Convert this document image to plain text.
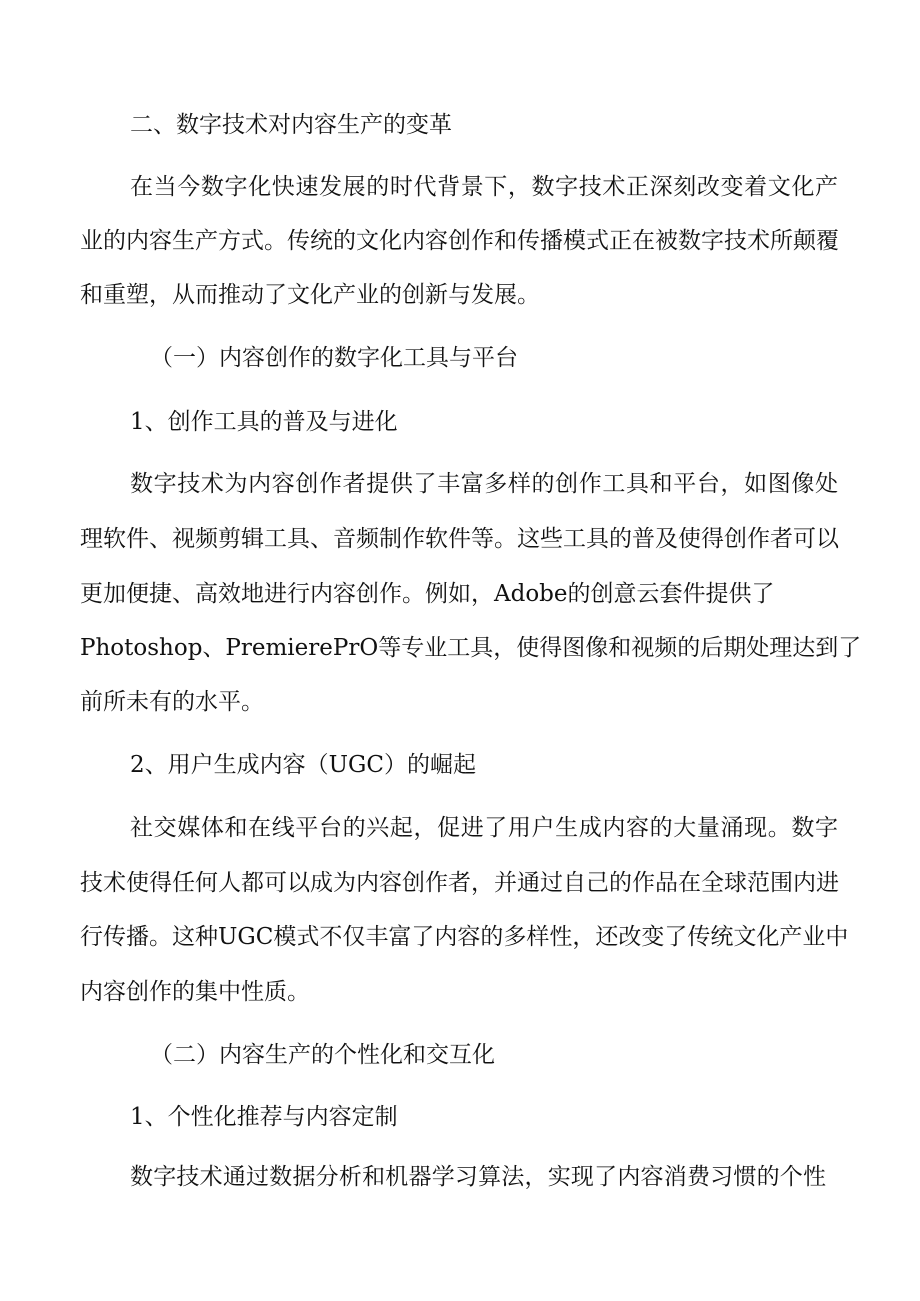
二、数字技术对内容生产的变革
在当今数字化快速发展的时代背景下，数字技术正深刻改变着文化产
业的内容生产方式。传统的文化内容创作和传播模式正在被数字技术所颠覆
和重塑，从而推动了文化产业的创新与发展。
（一）内容创作的数字化工具与平台
1、创作工具的普及与进化
数字技术为内容创作者提供了丰富多样的创作工具和平台，如图像处
理软件、视频剪辑工具、音频制作软件等。这些工具的普及使得创作者可以
更加便捷、高效地进行内容创作。例如，Adobe的创意云套件提供了
Photoshop、PremierePrO等专业工具，使得图像和视频的后期处理达到了
前所未有的水平。
2、用户生成内容（UGC）的崛起
社交媒体和在线平台的兴起，促进了用户生成内容的大量涌现。数字
技术使得任何人都可以成为内容创作者，并通过自己的作品在全球范围内进
行传播。这种UGC模式不仅丰富了内容的多样性，还改变了传统文化产业中
内容创作的集中性质。
（二）内容生产的个性化和交互化
1、个性化推荐与内容定制
数字技术通过数据分析和机器学习算法，实现了内容消费习惯的个性
